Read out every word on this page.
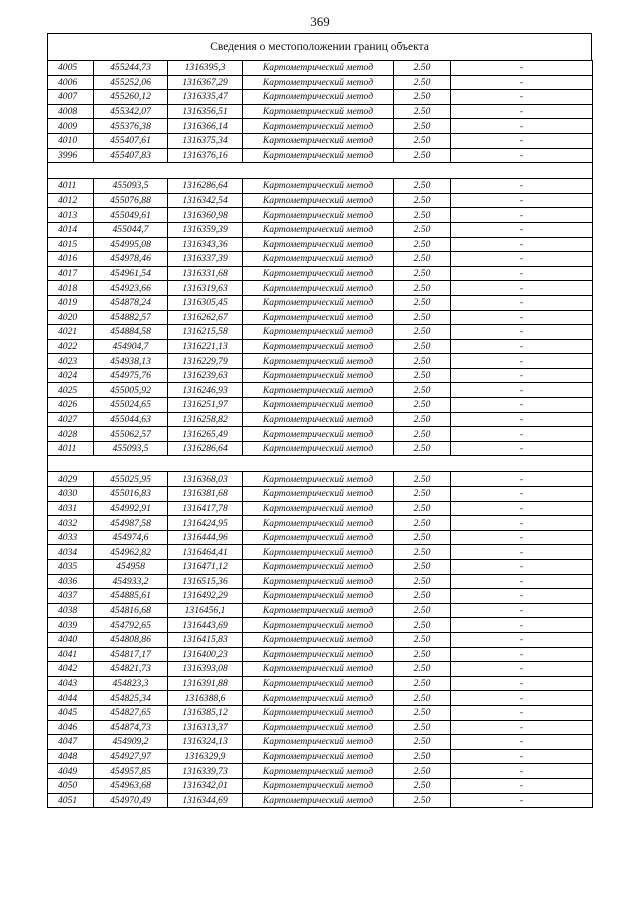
369
Сведения о местоположении границ объекта
4005	455244,73	1316395,3	Картометрический метод	2.50	-
4006	455252,06	1316367,29	Картометрический метод	2.50	-
4007	455260,12	1316335,47	Картометрический метод	2.50	-
4008	455342,07	1316356,51	Картометрический метод	2.50	-
4009	455376,38	1316366,14	Картометрический метод	2.50	-
4010	455407,61	1316375,34	Картометрический метод	2.50	-
3996	455407,83	1316376,16	Картометрический метод	2.50	-

4011	455093,5	1316286,64	Картометрический метод	2.50	-
4012	455076,88	1316342,54	Картометрический метод	2.50	-
4013	455049,61	1316360,98	Картометрический метод	2.50	-
4014	455044,7	1316359,39	Картометрический метод	2.50	-
4015	454995,08	1316343,36	Картометрический метод	2.50	-
4016	454978,46	1316337,39	Картометрический метод	2.50	-
4017	454961,54	1316331,68	Картометрический метод	2.50	-
4018	454923,66	1316319,63	Картометрический метод	2.50	-
4019	454878,24	1316305,45	Картометрический метод	2.50	-
4020	454882,57	1316262,67	Картометрический метод	2.50	-
4021	454884,58	1316215,58	Картометрический метод	2.50	-
4022	454904,7	1316221,13	Картометрический метод	2.50	-
4023	454938,13	1316229,79	Картометрический метод	2.50	-
4024	454975,76	1316239,63	Картометрический метод	2.50	-
4025	455005,92	1316246,93	Картометрический метод	2.50	-
4026	455024,65	1316251,97	Картометрический метод	2.50	-
4027	455044,63	1316258,82	Картометрический метод	2.50	-
4028	455062,57	1316265,49	Картометрический метод	2.50	-
4011	455093,5	1316286,64	Картометрический метод	2.50	-

4029	455025,95	1316368,03	Картометрический метод	2.50	-
4030	455016,83	1316381,68	Картометрический метод	2.50	-
4031	454992,91	1316417,78	Картометрический метод	2.50	-
4032	454987,58	1316424,95	Картометрический метод	2.50	-
4033	454974,6	1316444,96	Картометрический метод	2.50	-
4034	454962,82	1316464,41	Картометрический метод	2.50	-
4035	454958	1316471,12	Картометрический метод	2.50	-
4036	454933,2	1316515,36	Картометрический метод	2.50	-
4037	454885,61	1316492,29	Картометрический метод	2.50	-
4038	454816,68	1316456,1	Картометрический метод	2.50	-
4039	454792,65	1316443,69	Картометрический метод	2.50	-
4040	454808,86	1316415,83	Картометрический метод	2.50	-
4041	454817,17	1316400,23	Картометрический метод	2.50	-
4042	454821,73	1316393,08	Картометрический метод	2.50	-
4043	454823,3	1316391,88	Картометрический метод	2.50	-
4044	454825,34	1316388,6	Картометрический метод	2.50	-
4045	454827,65	1316385,12	Картометрический метод	2.50	-
4046	454874,73	1316313,37	Картометрический метод	2.50	-
4047	454909,2	1316324,13	Картометрический метод	2.50	-
4048	454927,97	1316329,9	Картометрический метод	2.50	-
4049	454957,85	1316339,73	Картометрический метод	2.50	-
4050	454963,68	1316342,01	Картометрический метод	2.50	-
4051	454970,49	1316344,69	Картометрический метод	2.50	-
